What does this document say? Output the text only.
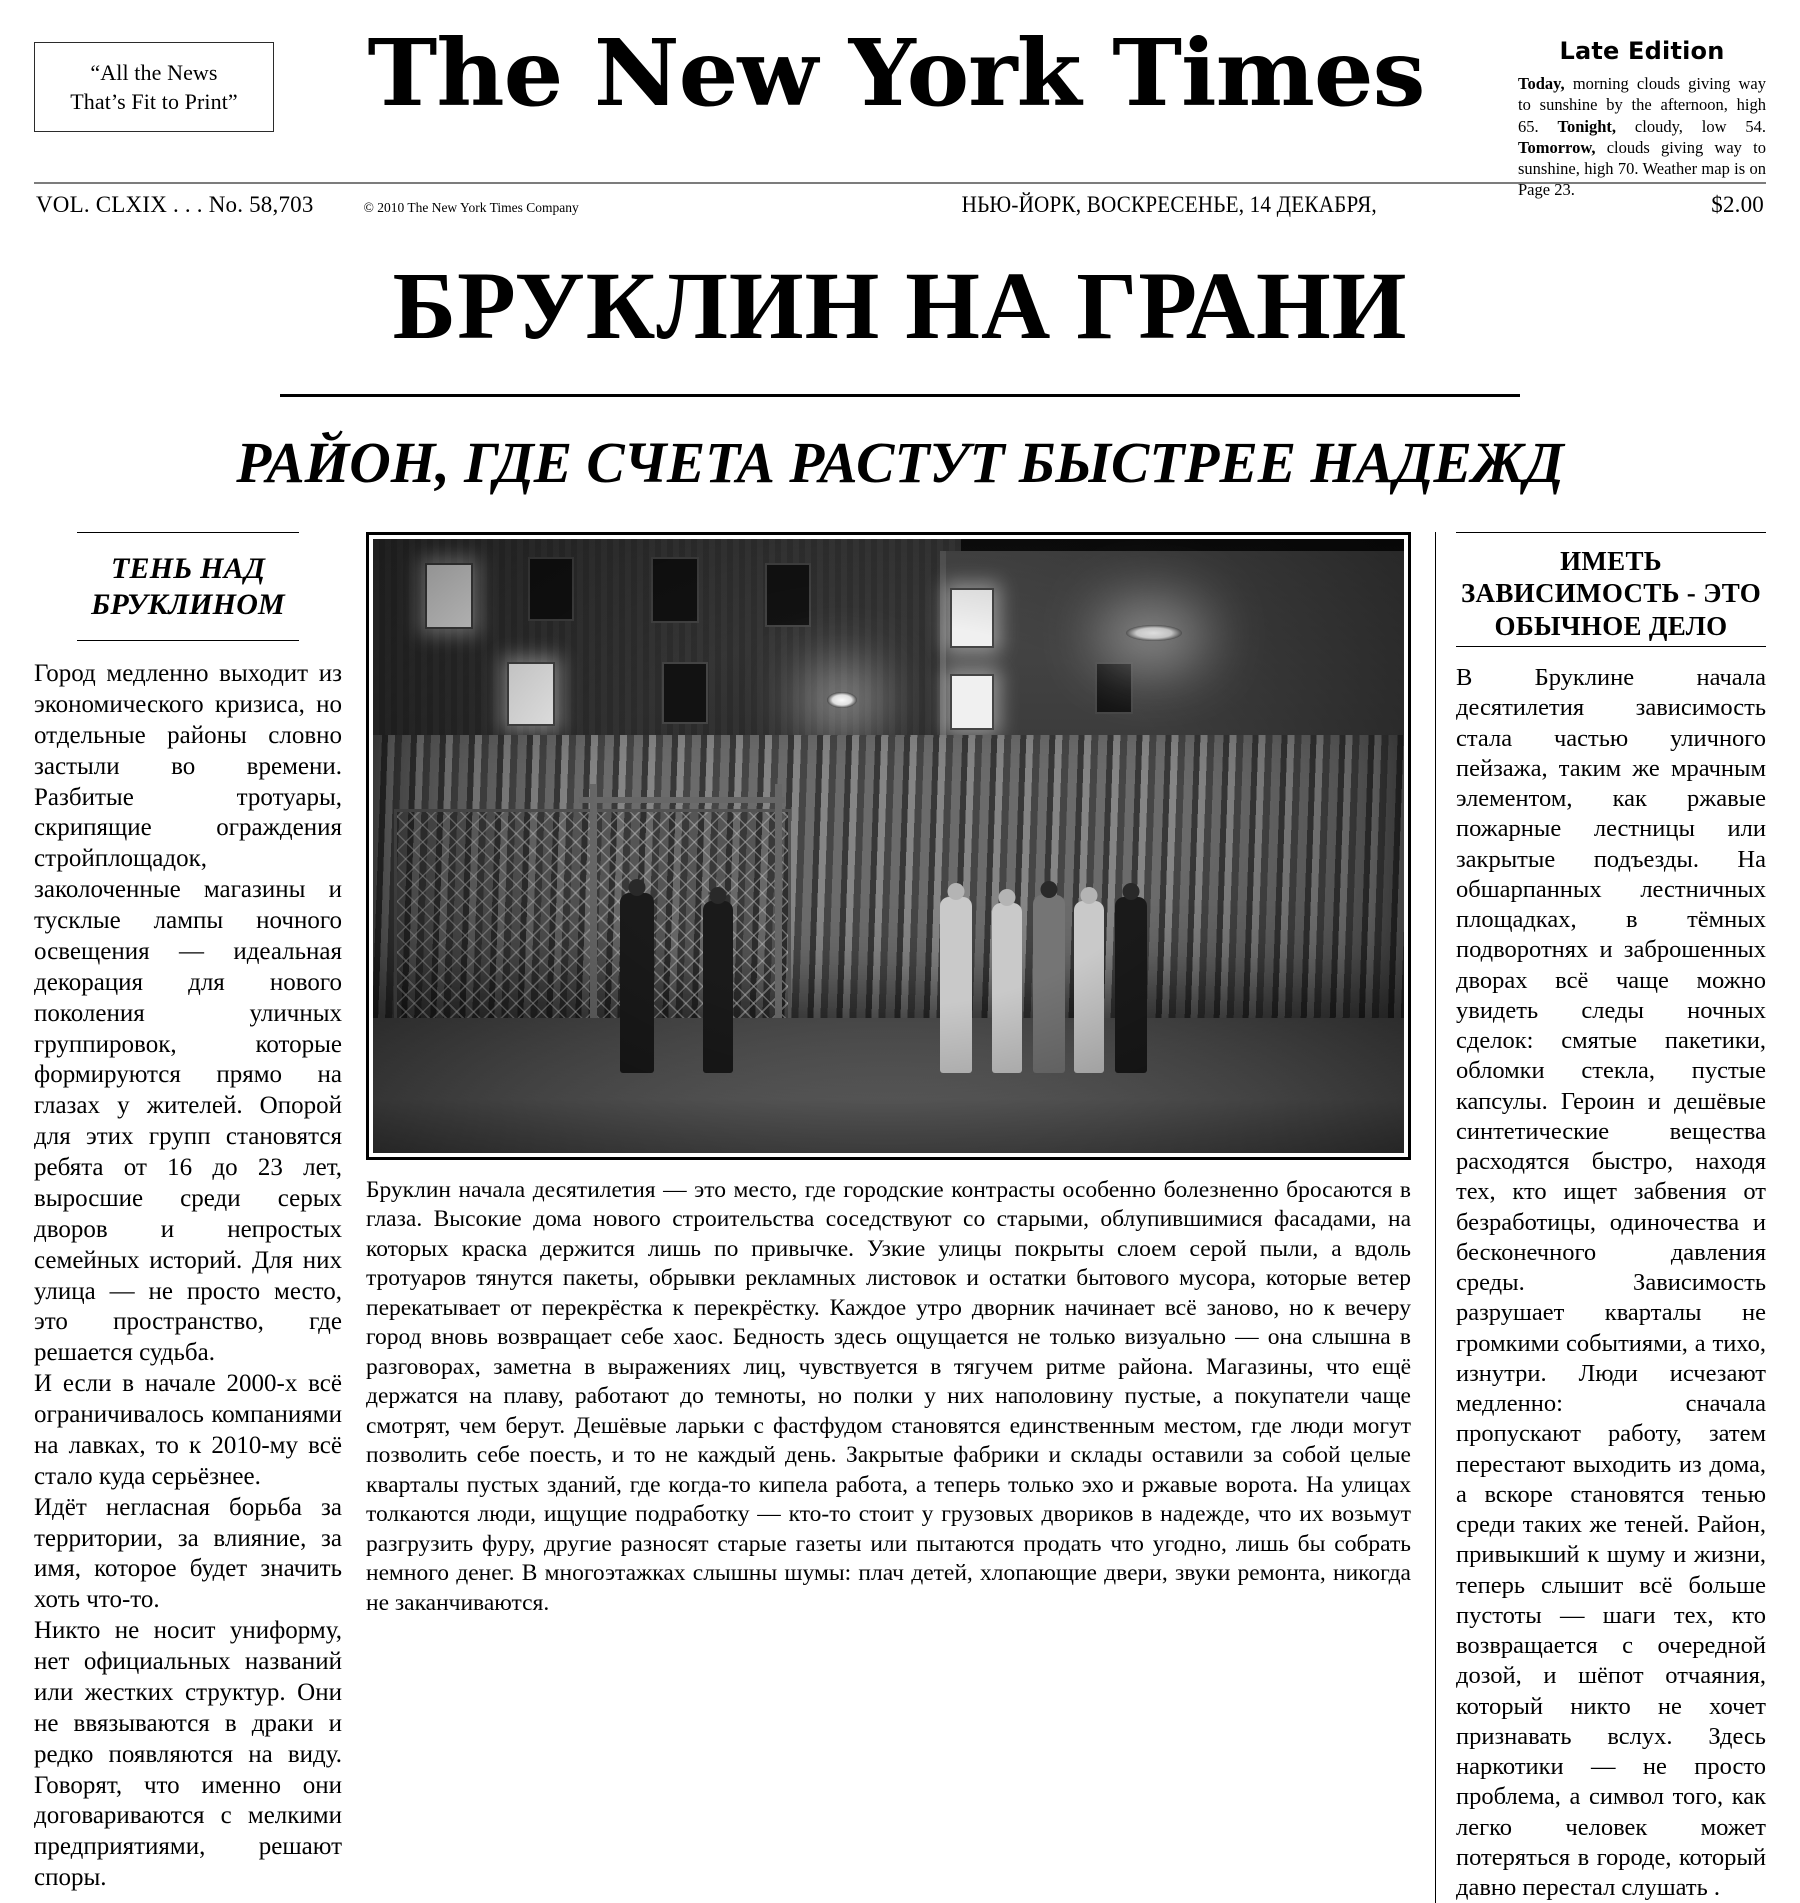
“All the News
That’s Fit to Print”	The New York Times	Late Edition
Today, morning clouds giving way to sunshine by the afternoon, high 65. Tonight, cloudy, low 54. Tomorrow, clouds giving way to sunshine, high 70. Weather map is on Page 23.
VOL. CLXIX . . . No. 58,703	© 2010 The New York Times Company	НЬЮ-ЙОРК, ВОСКРЕСЕНЬЕ, 14 ДЕКАБРЯ,	$2.00
БРУКЛИН НА ГРАНИ
РАЙОН, ГДЕ СЧЕТА РАСТУТ БЫСТРЕЕ НАДЕЖД
ТЕНЬ НАД
БРУКЛИНОМ

Город медленно выходит из экономического кризиса, но отдельные районы словно застыли во времени. Разбитые тротуары, скрипящие ограждения стройплощадок, заколоченные магазины и тусклые лампы ночного освещения — идеальная декорация для нового поколения уличных группировок, которые формируются прямо на глазах у жителей. Опорой для этих групп становятся ребята от 16 до 23 лет, выросшие среди серых дворов и непростых семейных историй. Для них улица — не просто место, это пространство, где решается судьба.

И если в начале 2000-х всё ограничивалось компаниями на лавках, то к 2010-му всё стало куда серьёзнее.

Идёт негласная борьба за территории, за влияние, за имя, которое будет значить хоть что-то.

Никто не носит униформу, нет официальных названий или жестких структур. Они не ввязываются в драки и редко появляются на виду. Говорят, что именно они договариваются с мелкими предприятиями, решают споры.

Бруклин начала десятилетия — это место, где городские контрасты особенно болезненно бросаются в глаза. Высокие дома нового строительства соседствуют со старыми, облупившимися фасадами, на которых краска держится лишь по привычке. Узкие улицы покрыты слоем серой пыли, а вдоль тротуаров тянутся пакеты, обрывки рекламных листовок и остатки бытового мусора, которые ветер перекатывает от перекрёстка к перекрёстку. Каждое утро дворник начинает всё заново, но к вечеру город вновь возвращает себе хаос. Бедность здесь ощущается не только визуально — она слышна в разговорах, заметна в выражениях лиц, чувствуется в тягучем ритме района. Магазины, что ещё держатся на плаву, работают до темноты, но полки у них наполовину пустые, а покупатели чаще смотрят, чем берут. Дешёвые ларьки с фастфудом становятся единственным местом, где люди могут позволить себе поесть, и то не каждый день. Закрытые фабрики и склады оставили за собой целые кварталы пустых зданий, где когда-то кипела работа, а теперь только эхо и ржавые ворота. На улицах толкаются люди, ищущие подработку — кто-то стоит у грузовых двориков в надежде, что их возьмут разгрузить фуру, другие разносят старые газеты или пытаются продать что угодно, лишь бы собрать немного денег. В многоэтажках слышны шумы: плач детей, хлопающие двери, звуки ремонта, никогда не заканчиваются.

ИМЕТЬ
ЗАВИСИМОСТЬ - ЭТО
ОБЫЧНОЕ ДЕЛО

В Бруклине начала десятилетия зависимость стала частью уличного пейзажа, таким же мрачным элементом, как ржавые пожарные лестницы или закрытые подъезды. На обшарпанных лестничных площадках, в тёмных подворотнях и заброшенных дворах всё чаще можно увидеть следы ночных сделок: смятые пакетики, обломки стекла, пустые капсулы. Героин и дешёвые синтетические вещества расходятся быстро, находя тех, кто ищет забвения от безработицы, одиночества и бесконечного давления среды. Зависимость разрушает кварталы не громкими событиями, а тихо, изнутри. Люди исчезают медленно: сначала пропускают работу, затем перестают выходить из дома, а вскоре становятся тенью среди таких же теней. Район, привыкший к шуму и жизни, теперь слышит всё больше пустоты — шаги тех, кто возвращается с очередной дозой, и шёпот отчаяния, который никто не хочет признавать вслух. Здесь наркотики — не просто проблема, а символ того, как легко человек может потеряться в городе, который давно перестал слушать .
